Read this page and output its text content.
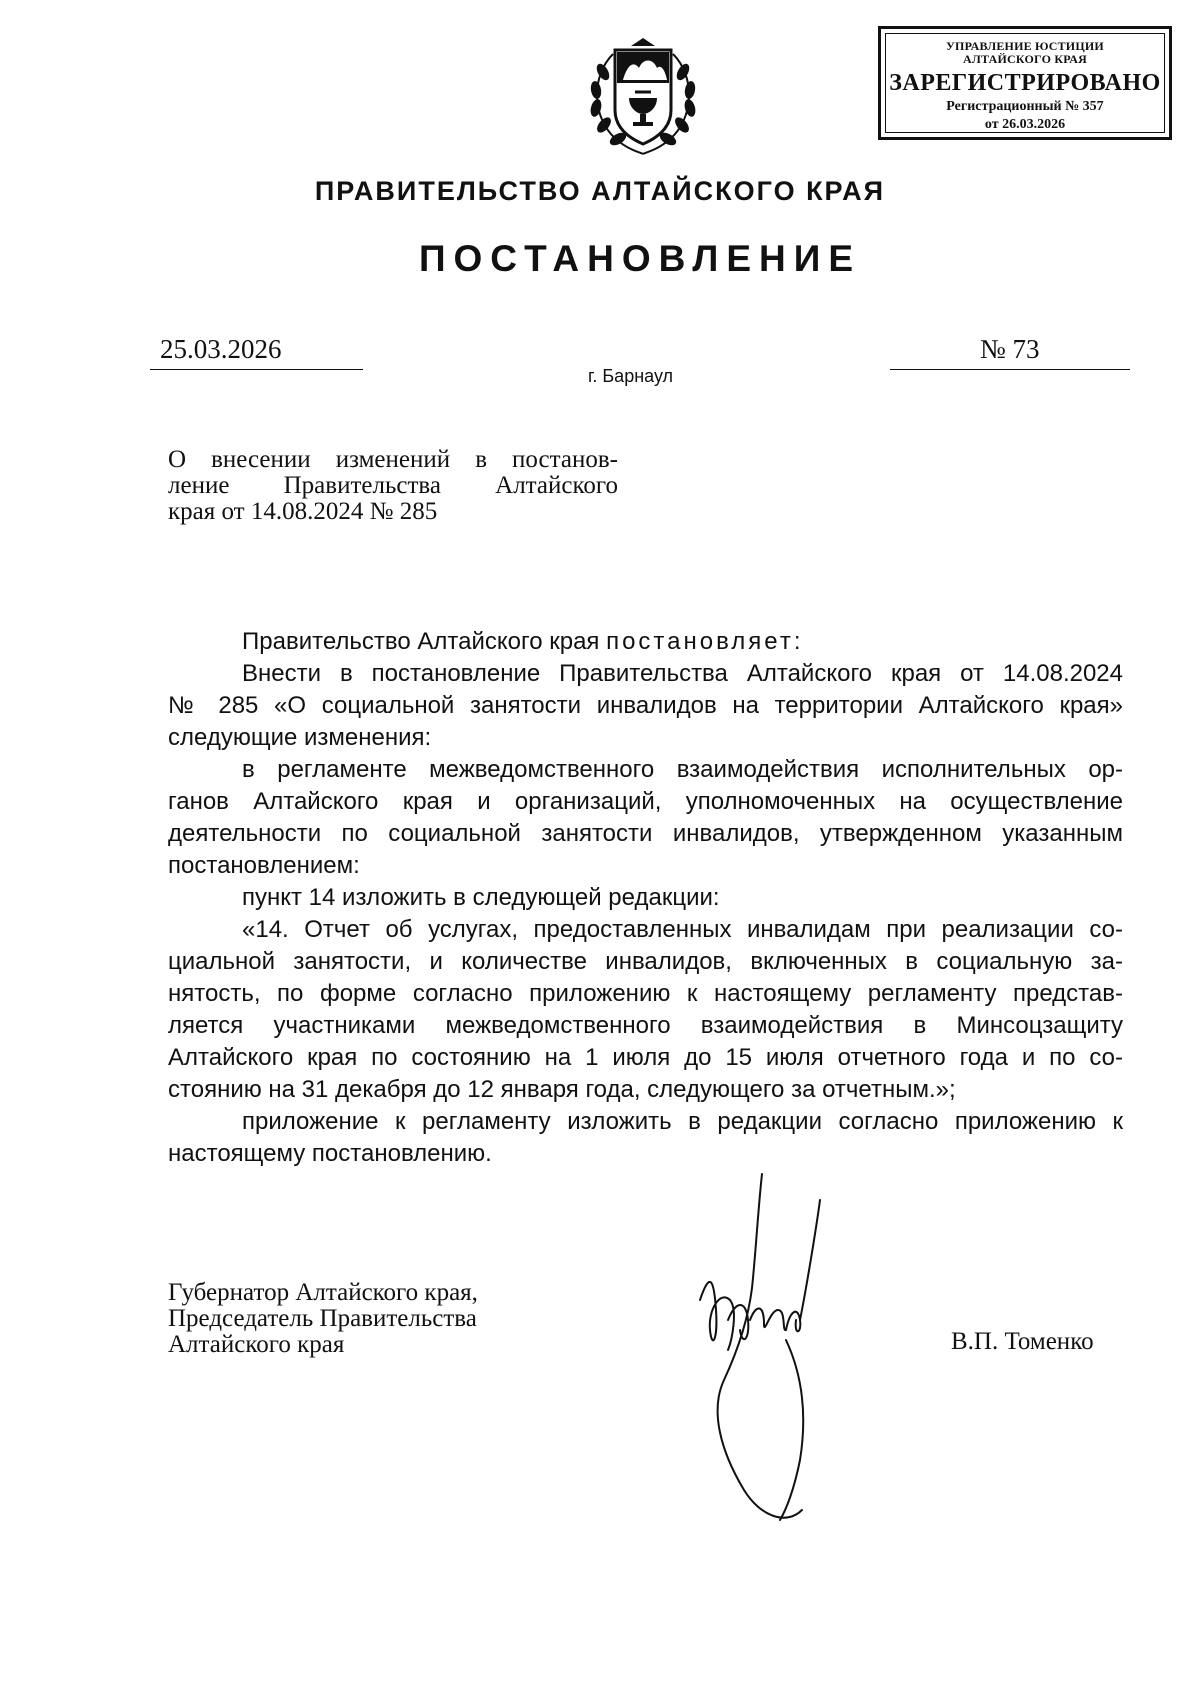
УПРАВЛЕНИЕ ЮСТИЦИИ
АЛТАЙСКОГО КРАЯ
ЗАРЕГИСТРИРОВАНО
Регистрационный № 357
от 26.03.2026
ПРАВИТЕЛЬСТВО АЛТАЙСКОГО КРАЯ
ПОСТАНОВЛЕНИЕ
25.03.2026	№ 73
г. Барнаул
О внесении изменений в постанов-
ление Правительства Алтайского
края от 14.08.2024 № 285
Правительство Алтайского края постановляет:
Внести в постановление Правительства Алтайского края от 14.08.2024
№ 285 «О социальной занятости инвалидов на территории Алтайского края»
следующие изменения:
в регламенте межведомственного взаимодействия исполнительных ор-
ганов Алтайского края и организаций, уполномоченных на осуществление
деятельности по социальной занятости инвалидов, утвержденном указанным
постановлением:
пункт 14 изложить в следующей редакции:
«14. Отчет об услугах, предоставленных инвалидам при реализации со-
циальной занятости, и количестве инвалидов, включенных в социальную за-
нятость, по форме согласно приложению к настоящему регламенту представ-
ляется участниками межведомственного взаимодействия в Минсоцзащиту
Алтайского края по состоянию на 1 июля до 15 июля отчетного года и по со-
стоянию на 31 декабря до 12 января года, следующего за отчетным.»;
приложение к регламенту изложить в редакции согласно приложению к
настоящему постановлению.
Губернатор Алтайского края,
Председатель Правительства
Алтайского края	В.П. Томенко
